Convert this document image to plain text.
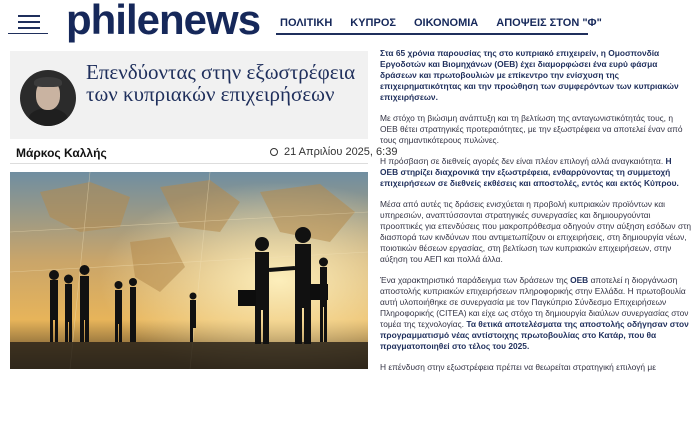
philenews ΠΟΛΙΤΙΚΗ ΚΥΠΡΟΣ ΟΙΚΟΝΟΜΙΑ ΑΠΟΨΕΙΣ ΣΤΟΝ "Φ"
Επενδύοντας στην εξωστρέφεια των κυπριακών επιχειρήσεων
Μάρκος Καλλής	21 Απριλίου 2025, 6:39

Στα 65 χρόνια παρουσίας της στο κυπριακό επιχειρείν, η Ομοσπονδία Εργοδοτών και Βιομηχάνων (ΟΕΒ) έχει διαμορφώσει ένα ευρύ φάσμα δράσεων και πρωτοβουλιών με επίκεντρο την ενίσχυση της επιχειρηματικότητας και την προώθηση των συμφερόντων των κυπριακών επιχειρήσεων.

Με στόχο τη βιώσιμη ανάπτυξη και τη βελτίωση της ανταγωνιστικότητάς τους, η ΟΕΒ θέτει στρατηγικές προτεραιότητες, με την εξωστρέφεια να αποτελεί έναν από τους σημαντικότερους πυλώνες.

Η πρόσβαση σε διεθνείς αγορές δεν είναι πλέον επιλογή αλλά αναγκαιότητα. Η ΟΕΒ στηρίζει διαχρονικά την εξωστρέφεια, ενθαρρύνοντας τη συμμετοχή επιχειρήσεων σε διεθνείς εκθέσεις και αποστολές, εντός και εκτός Κύπρου.

Μέσα από αυτές τις δράσεις ενισχύεται η προβολή κυπριακών προϊόντων και υπηρεσιών, αναπτύσσονται στρατηγικές συνεργασίες και δημιουργούνται προοπτικές για επενδύσεις που μακροπρόθεσμα οδηγούν στην αύξηση εσόδων στη διασπορά των κινδύνων που αντιμετωπίζουν οι επιχειρήσεις, στη δημιουργία νέων, ποιοτικών θέσεων εργασίας, στη βελτίωση των κυπριακών επιχειρήσεων, στην αύξηση του ΑΕΠ και πολλά άλλα.

Ένα χαρακτηριστικό παράδειγμα των δράσεων της ΟΕΒ αποτελεί η διοργάνωση αποστολής κυπριακών επιχειρήσεων πληροφορικής στην Ελλάδα. Η πρωτοβουλία αυτή υλοποιήθηκε σε συνεργασία με τον Παγκύπριο Σύνδεσμο Επιχειρήσεων Πληροφορικής (CITEA) και είχε ως στόχο τη δημιουργία διαύλων συνεργασίας στον τομέα της τεχνολογίας. Τα θετικά αποτελέσματα της αποστολής οδήγησαν στον προγραμματισμό νέας αντίστοιχης πρωτοβουλίας στο Κατάρ, που θα πραγματοποιηθεί στο τέλος του 2025.

Η επένδυση στην εξωστρέφεια πρέπει να θεωρείται στρατηγική επιλογή με
